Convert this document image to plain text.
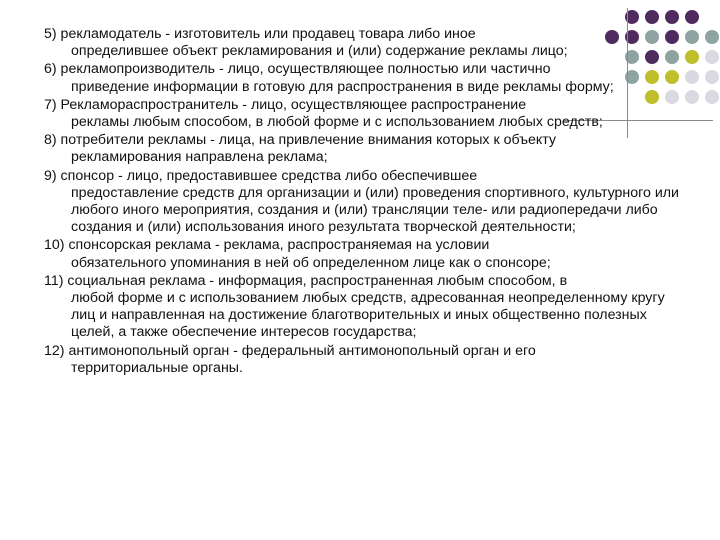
5) рекламодатель - изготовитель или продавец товара либо иное
определившее объект рекламирования и (или) содержание рекламы лицо;
6) рекламопроизводитель - лицо, осуществляющее полностью или частично
приведение информации в готовую для распространения в виде рекламы форму;
7) Рекламораспространитель - лицо, осуществляющее распространение
рекламы любым способом, в любой форме и с использованием любых средств;
8) потребители рекламы - лица, на привлечение внимания которых к объекту
рекламирования направлена реклама;
9) спонсор - лицо, предоставившее средства либо обеспечившее
предоставление средств для организации и (или) проведения спортивного, культурного или любого иного мероприятия, создания и (или) трансляции теле- или радиопередачи либо создания и (или) использования иного результата творческой деятельности;
10) спонсорская реклама - реклама, распространяемая на условии
обязательного упоминания в ней об определенном лице как о спонсоре;
11) социальная реклама - информация, распространенная любым способом, в
любой форме и с использованием любых средств, адресованная неопределенному кругу лиц и направленная на достижение благотворительных и иных общественно полезных целей, а также обеспечение интересов государства;
12) антимонопольный орган - федеральный антимонопольный орган и его
территориальные органы.
